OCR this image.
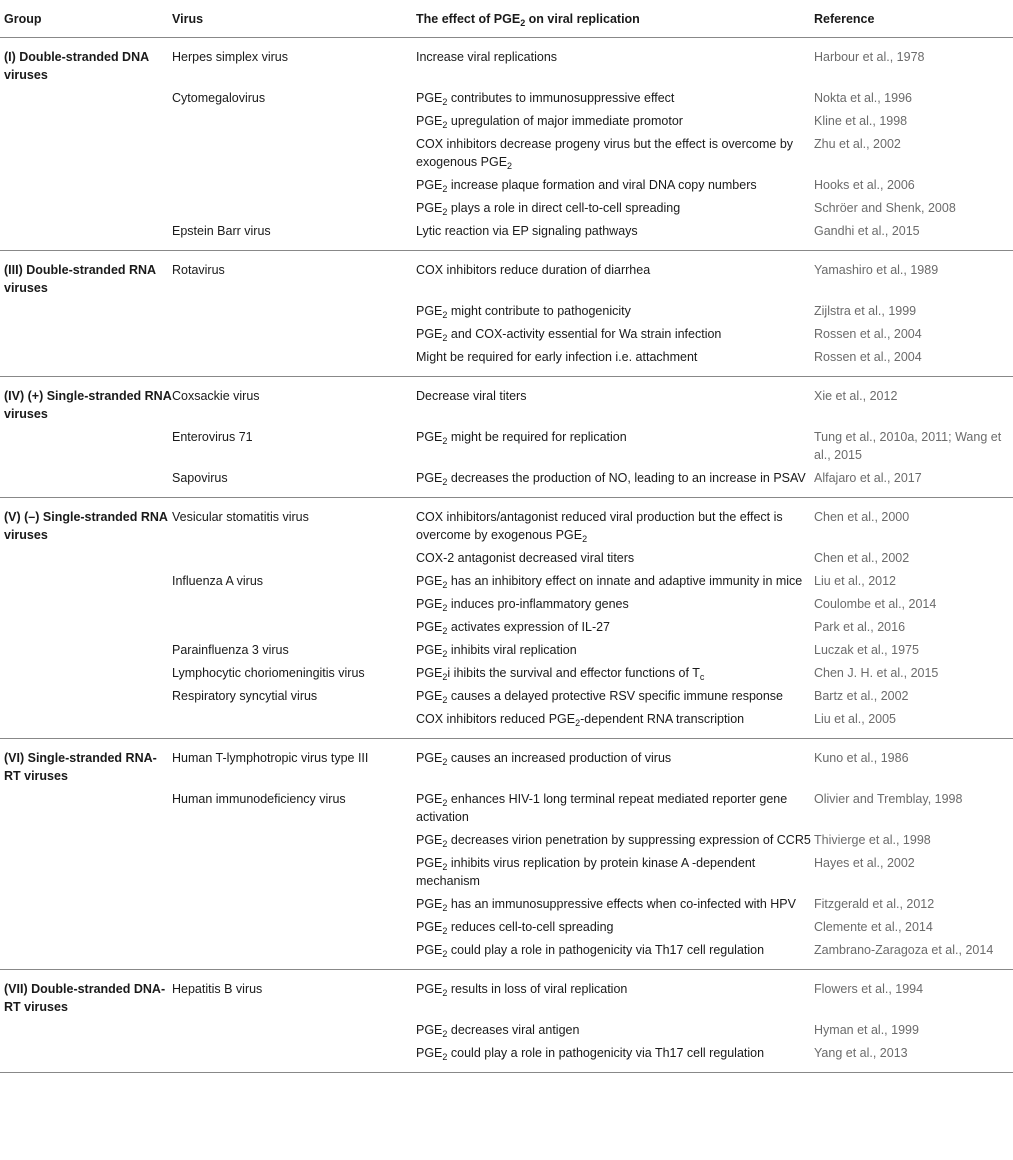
Group	Virus	The effect of $PGE_2$ on viral replication	Reference
(I) Double-stranded DNA viruses	Herpes simplex virus	Increase viral replications	Harbour et al., 1978
	Cytomegalovirus	$PGE_2$ contributes to immunosuppressive effect	Nokta et al., 1996
		$PGE_2$ upregulation of major immediate promotor	Kline et al., 1998
		COX inhibitors decrease progeny virus but the effect is overcome by exogenous $PGE_2$	Zhu et al., 2002
		$PGE_2$ increase plaque formation and viral DNA copy numbers	Hooks et al., 2006
		$PGE_2$ plays a role in direct cell-to-cell spreading	Schröer and Shenk, 2008
	Epstein Barr virus	Lytic reaction via EP signaling pathways	Gandhi et al., 2015
(III) Double-stranded RNA viruses	Rotavirus	COX inhibitors reduce duration of diarrhea	Yamashiro et al., 1989
		$PGE_2$ might contribute to pathogenicity	Zijlstra et al., 1999
		$PGE_2$ and COX-activity essential for Wa strain infection	Rossen et al., 2004
		Might be required for early infection i.e. attachment	Rossen et al., 2004
(IV) (+) Single-stranded RNA viruses	Coxsackie virus	Decrease viral titers	Xie et al., 2012
	Enterovirus 71	$PGE_2$ might be required for replication	Tung et al., 2010a, 2011; Wang et al., 2015
	Sapovirus	$PGE_2$ decreases the production of NO, leading to an increase in PSAV	Alfajaro et al., 2017
(V) (–) Single-stranded RNA viruses	Vesicular stomatitis virus	COX inhibitors/antagonist reduced viral production but the effect is overcome by exogenous $PGE_2$	Chen et al., 2000
		COX-2 antagonist decreased viral titers	Chen et al., 2002
	Influenza A virus	$PGE_2$ has an inhibitory effect on innate and adaptive immunity in mice	Liu et al., 2012
		$PGE_2$ induces pro-inflammatory genes	Coulombe et al., 2014
		$PGE_2$ activates expression of IL-27	Park et al., 2016
	Parainfluenza 3 virus	$PGE_2$ inhibits viral replication	Luczak et al., 1975
	Lymphocytic choriomeningitis virus	$PGE_2i$ ihibits the survival and effector functions of $T_c$	Chen J. H. et al., 2015
	Respiratory syncytial virus	$PGE_2$ causes a delayed protective RSV specific immune response	Bartz et al., 2002
		COX inhibitors reduced $PGE_2$-dependent RNA transcription	Liu et al., 2005
(VI) Single-stranded RNA-RT viruses	Human T-lymphotropic virus type III	$PGE_2$ causes an increased production of virus	Kuno et al., 1986
	Human immunodeficiency virus	$PGE_2$ enhances HIV-1 long terminal repeat mediated reporter gene activation	Olivier and Tremblay, 1998
		$PGE_2$ decreases virion penetration by suppressing expression of CCR5	Thivierge et al., 1998
		$PGE_2$ inhibits virus replication by protein kinase A -dependent mechanism	Hayes et al., 2002
		$PGE_2$ has an immunosuppressive effects when co-infected with HPV	Fitzgerald et al., 2012
		$PGE_2$ reduces cell-to-cell spreading	Clemente et al., 2014
		$PGE_2$ could play a role in pathogenicity via Th17 cell regulation	Zambrano-Zaragoza et al., 2014
(VII) Double-stranded DNA-RT viruses	Hepatitis B virus	$PGE_2$ results in loss of viral replication	Flowers et al., 1994
		$PGE_2$ decreases viral antigen	Hyman et al., 1999
		$PGE_2$ could play a role in pathogenicity via Th17 cell regulation	Yang et al., 2013
